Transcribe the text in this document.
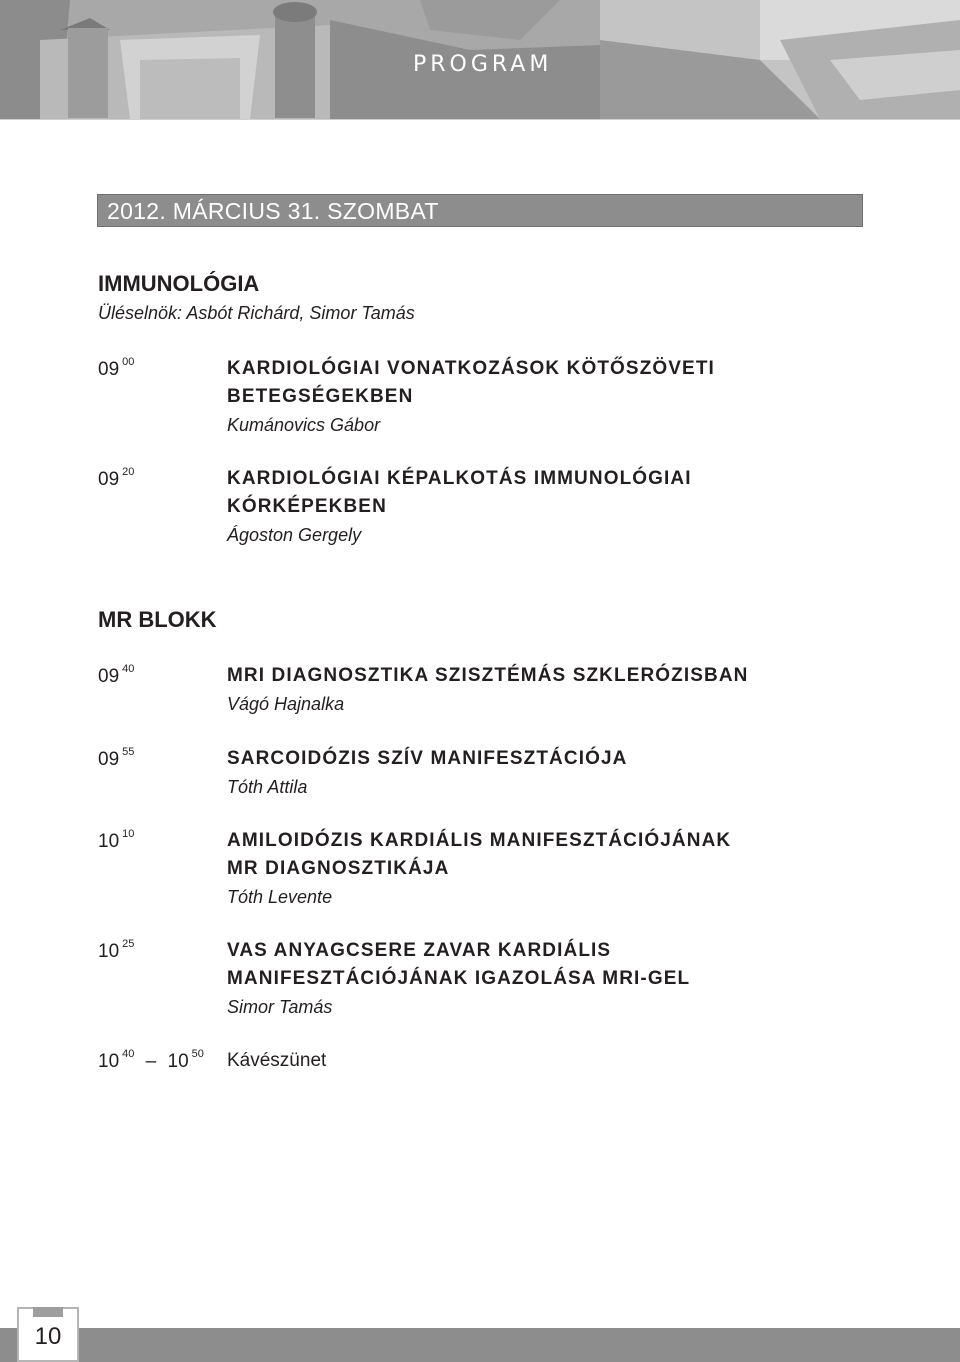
PROGRAM
2012. MÁRCIUS 31. SZOMBAT
IMMUNOLÓGIA
Üléselnök: Asbót Richárd, Simor Tamás
09 $^{00}$	KARDIOLÓGIAI VONATKOZÁSOK KÖTŐSZÖVETI
BETEGSÉGEKBEN
Kumánovics Gábor
09 $^{20}$	KARDIOLÓGIAI KÉPALKOTÁS IMMUNOLÓGIAI
KÓRKÉPEKBEN
Ágoston Gergely
MR BLOKK
09 $^{40}$	MRI DIAGNOSZTIKA SZISZTÉMÁS SZKLERÓZISBAN
Vágó Hajnalka
09 $^{55}$	SARCOIDÓZIS SZÍV MANIFESZTÁCIÓJA
Tóth Attila
10 $^{10}$	AMILOIDÓZIS KARDIÁLIS MANIFESZTÁCIÓJÁNAK
MR DIAGNOSZTIKÁJA
Tóth Levente
10 $^{25}$	VAS ANYAGCSERE ZAVAR KARDIÁLIS
MANIFESZTÁCIÓJÁNAK IGAZOLÁSA MRI-GEL
Simor Tamás
10 $^{40}$ – 10 $^{50}$ Kávészünet
10
